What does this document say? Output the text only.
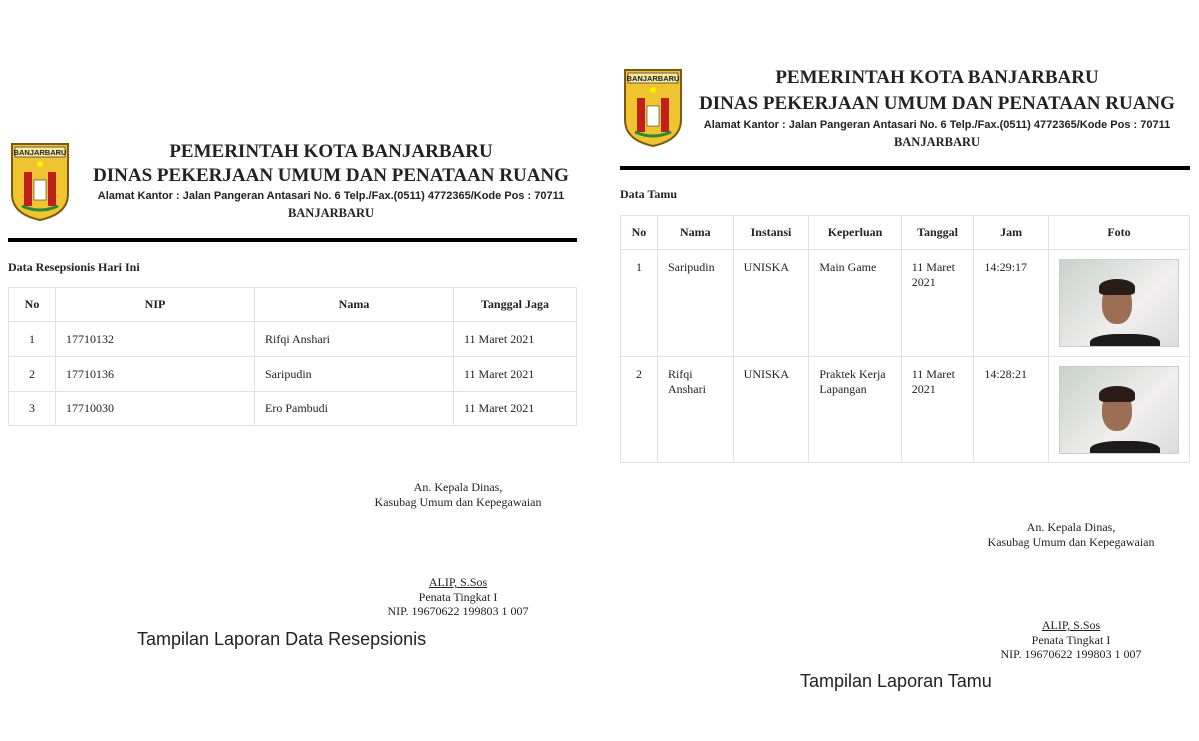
BANJARBARU	PEMERINTAH KOTA BANJARBARU
DINAS PEKERJAAN UMUM DAN PENATAAN RUANG
Alamat Kantor : Jalan Pangeran Antasari No. 6 Telp./Fax.(0511) 4772365/Kode Pos : 70711
BANJARBARU
Data Resepsionis Hari Ini
No	NIP	Nama	Tanggal Jaga
1	17710132	Rifqi Anshari	11 Maret 2021
2	17710136	Saripudin	11 Maret 2021
3	17710030	Ero Pambudi	11 Maret 2021
An. Kepala Dinas,
Kasubag Umum dan Kepegawaian
ALIP, S.Sos
Penata Tingkat I
NIP. 19670622 199803 1 007
Tampilan Laporan Data Resepsionis
BANJARBARU	PEMERINTAH KOTA BANJARBARU
DINAS PEKERJAAN UMUM DAN PENATAAN RUANG
Alamat Kantor : Jalan Pangeran Antasari No. 6 Telp./Fax.(0511) 4772365/Kode Pos : 70711
BANJARBARU
Data Tamu
No	Nama	Instansi	Keperluan	Tanggal	Jam	Foto
1	Saripudin	UNISKA	Main Game	11 Maret 2021	14:29:17	

2	Rifqi Anshari	UNISKA	Praktek Kerja Lapangan	11 Maret 2021	14:28:21	
An. Kepala Dinas,
Kasubag Umum dan Kepegawaian
ALIP, S.Sos
Penata Tingkat I
NIP. 19670622 199803 1 007
Tampilan Laporan Tamu
